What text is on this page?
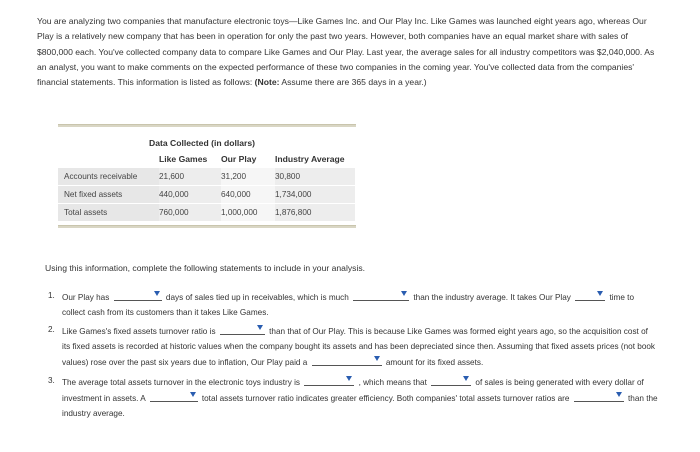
You are analyzing two companies that manufacture electronic toys—Like Games Inc. and Our Play Inc. Like Games was launched eight years ago, whereas Our Play is a relatively new company that has been in operation for only the past two years. However, both companies have an equal market share with sales of $800,000 each. You've collected company data to compare Like Games and Our Play. Last year, the average sales for all industry competitors was $2,040,000. As an analyst, you want to make comments on the expected performance of these two companies in the coming year. You've collected data from the companies' financial statements. This information is listed as follows: (Note: Assume there are 365 days in a year.)
Data Collected (in dollars)
Like Games	Our Play	Industry Average
Accounts receivable	21,600	31,200	30,800
Net fixed assets	440,000	640,000	1,734,000
Total assets	760,000	1,000,000	1,876,800
Using this information, complete the following statements to include in your analysis.
1. Our Play has	days of sales tied up in receivables, which is much	than the industry average. It takes Our Play	time to collect cash from its customers than it takes Like Games.
2. Like Games's fixed assets turnover ratio is	than that of Our Play. This is because Like Games was formed eight years ago, so the acquisition cost of its fixed assets is recorded at historic values when the company bought its assets and has been depreciated since then. Assuming that fixed assets prices (not book values) rose over the past six years due to inflation, Our Play paid a	amount for its fixed assets.
3. The average total assets turnover in the electronic toys industry is	, which means that	of sales is being generated with every dollar of investment in assets. A	total assets turnover ratio indicates greater efficiency. Both companies' total assets turnover ratios are	than the industry average.
